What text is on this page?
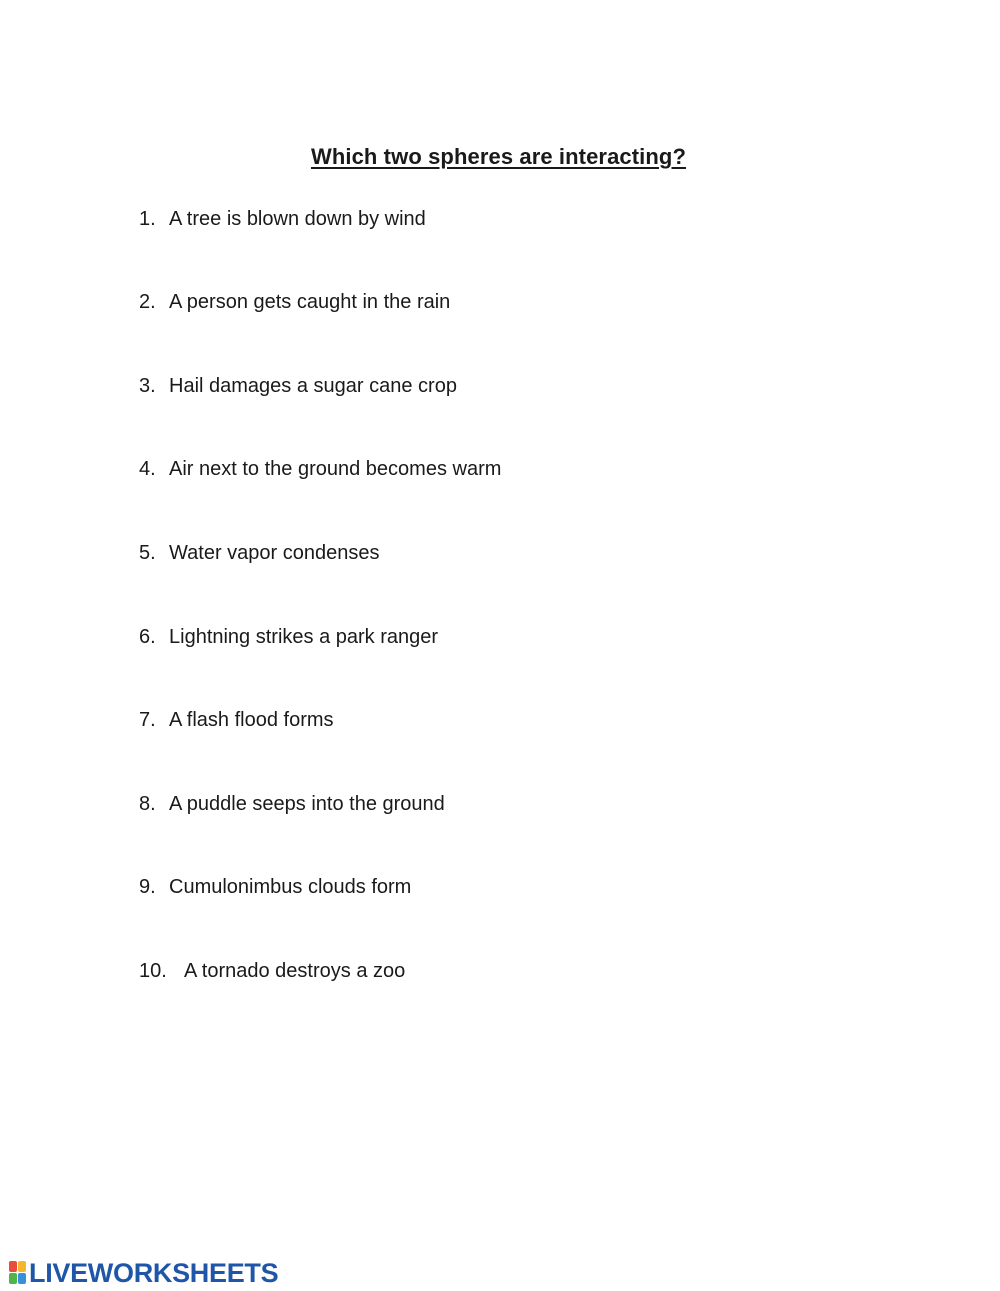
Which two spheres are interacting?
1. A tree is blown down by wind
2. A person gets caught in the rain
3. Hail damages a sugar cane crop
4. Air next to the ground becomes warm
5. Water vapor condenses
6. Lightning strikes a park ranger
7. A flash flood forms
8. A puddle seeps into the ground
9. Cumulonimbus clouds form
10. A tornado destroys a zoo
LIVEWORKSHEETS
